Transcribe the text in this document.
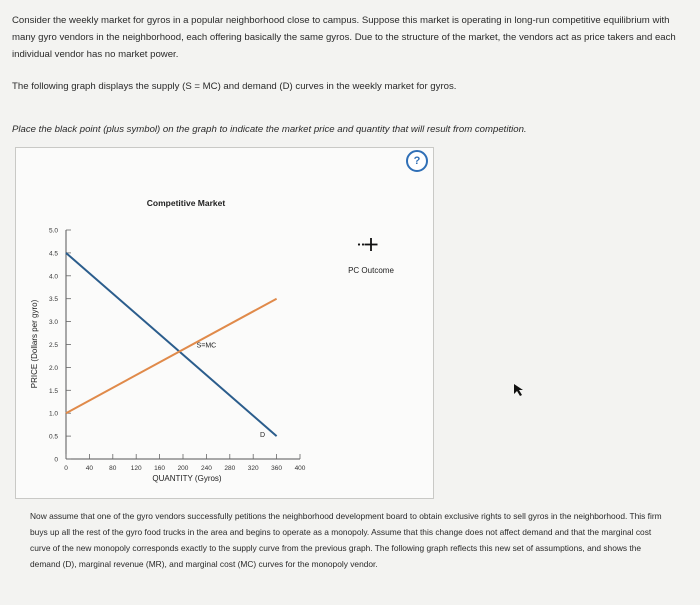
Consider the weekly market for gyros in a popular neighborhood close to campus. Suppose this market is operating in long-run competitive equilibrium with many gyro vendors in the neighborhood, each offering basically the same gyros. Due to the structure of the market, the vendors act as price takers and each individual vendor has no market power.
The following graph displays the supply (S = MC) and demand (D) curves in the weekly market for gyros.
Place the black point (plus symbol) on the graph to indicate the market price and quantity that will result from competition.
?
Competitive Market
PRICE (Dollars per gyro)
QUANTITY (Gyros)
0
0.5
1.0
1.5
2.0
2.5
3.0
3.5
4.0
4.5
5.0
0	40 80 120 160 200 240 280 320 360 400
S=MC
D
PC Outcome
Now assume that one of the gyro vendors successfully petitions the neighborhood development board to obtain exclusive rights to sell gyros in the neighborhood. This firm buys up all the rest of the gyro food trucks in the area and begins to operate as a monopoly. Assume that this change does not affect demand and that the marginal cost curve of the new monopoly corresponds exactly to the supply curve from the previous graph. The following graph reflects this new set of assumptions, and shows the demand (D), marginal revenue (MR), and marginal cost (MC) curves for the monopoly vendor.
